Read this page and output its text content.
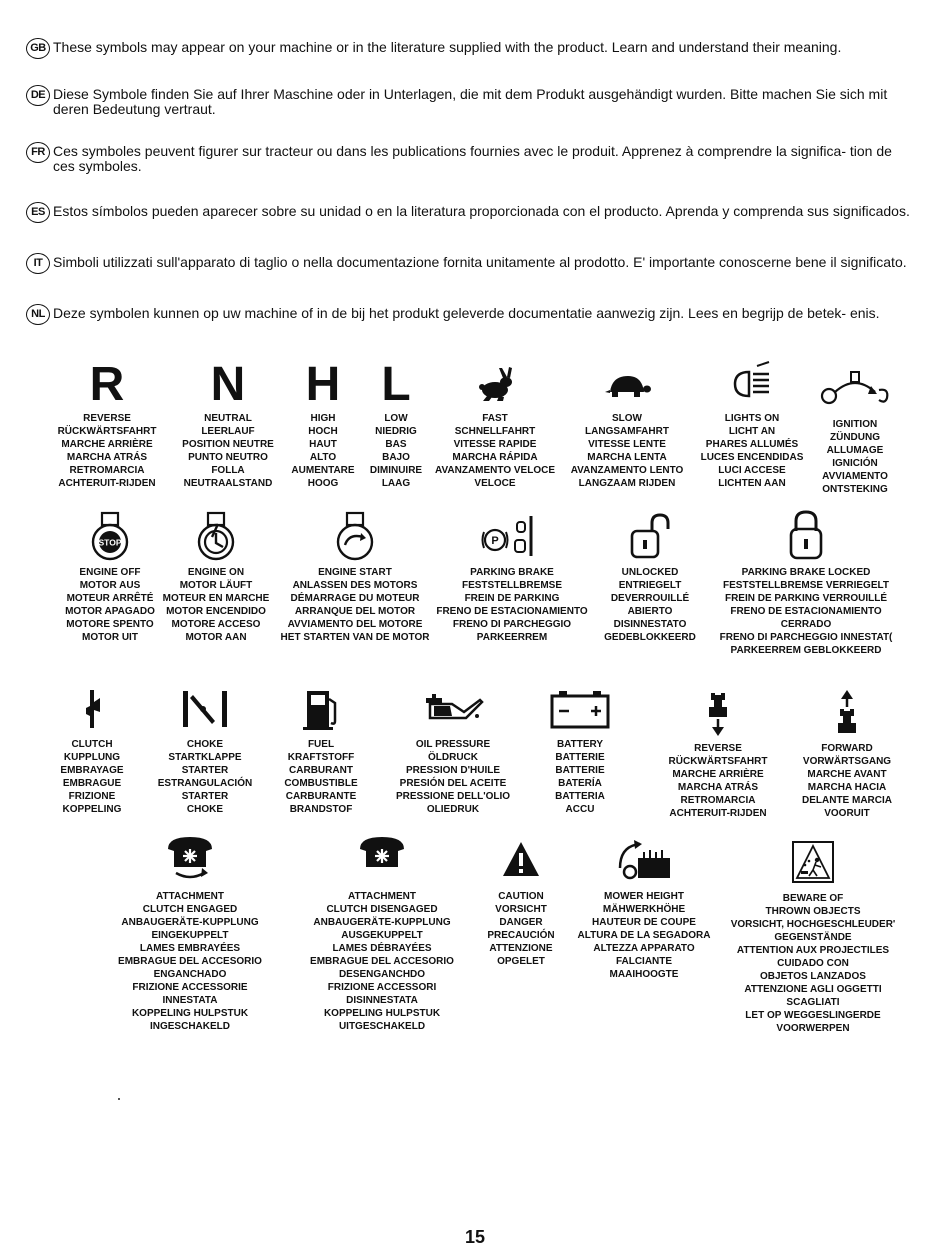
GB These symbols may appear on your machine or in the literature supplied with the product. Learn and understand their meaning.
DE Diese Symbole finden Sie auf Ihrer Maschine oder in Unterlagen, die mit dem Produkt ausgehändigt wurden. Bitte machen Sie sich mit deren Bedeutung vertraut.
FR Ces symboles peuvent figurer sur tracteur ou dans les publications fournies avec le produit. Apprenez à comprendre la significa- tion de ces symboles.
ES Estos símbolos pueden aparecer sobre su unidad o en la literatura proporcionada con el producto. Aprenda y comprenda sus significados.
IT Simboli utilizzati sull'apparato di taglio o nella documentazione fornita unitamente al prodotto. E' importante conoscerne bene il significato.
NL Deze symbolen kunnen op uw machine of in de bij het produkt geleverde documentatie aanwezig zijn. Lees en begrijp de betek- enis.
R
REVERSE
RÜCKWÄRTSFAHRT
MARCHE ARRIÈRE
MARCHA ATRÁS
RETROMARCIA
ACHTERUIT-RIJDEN
N
NEUTRAL
LEERLAUF
POSITION NEUTRE
PUNTO NEUTRO
FOLLA
NEUTRAALSTAND
H
HIGH
HOCH
HAUT
ALTO
AUMENTARE
HOOG
L
LOW
NIEDRIG
BAS
BAJO
DIMINUIRE
LAAG
FAST
SCHNELLFAHRT
VITESSE RAPIDE
MARCHA RÁPIDA
AVANZAMENTO VELOCE
VELOCE
SLOW
LANGSAMFAHRT
VITESSE LENTE
MARCHA LENTA
AVANZAMENTO LENTO
LANGZAAM RIJDEN
LIGHTS ON
LICHT AN
PHARES ALLUMÉS
LUCES ENCENDIDAS
LUCI ACCESE
LICHTEN AAN
IGNITION
ZÜNDUNG
ALLUMAGE
IGNICIÓN
AVVIAMENTO
ONTSTEKING
STOP
ENGINE OFF
MOTOR AUS
MOTEUR ARRÊTÉ
MOTOR APAGADO
MOTORE SPENTO
MOTOR UIT
ENGINE ON
MOTOR LÄUFT
MOTEUR EN MARCHE
MOTOR ENCENDIDO
MOTORE ACCESO
MOTOR AAN
ENGINE START
ANLASSEN DES MOTORS
DÉMARRAGE DU MOTEUR
ARRANQUE DEL MOTOR
AVVIAMENTO DEL MOTORE
HET STARTEN VAN DE MOTOR
P
PARKING BRAKE
FESTSTELLBREMSE
FREIN DE PARKING
FRENO DE ESTACIONAMIENTO
FRENO DI PARCHEGGIO
PARKEERREM
UNLOCKED
ENTRIEGELT
DEVERROUILLÉ
ABIERTO
DISINNESTATO
GEDEBLOKKEERD
PARKING BRAKE LOCKED
FESTSTELLBREMSE VERRIEGELT
FREIN DE PARKING VERROUILLÉ
FRENO DE ESTACIONAMIENTO
CERRADO
FRENO DI PARCHEGGIO INNESTAT(
PARKEERREM GEBLOKKEERD
CLUTCH
KUPPLUNG
EMBRAYAGE
EMBRAGUE
FRIZIONE
KOPPELING
CHOKE
STARTKLAPPE
STARTER
ESTRANGULACIÓN
STARTER
CHOKE
FUEL
KRAFTSTOFF
CARBURANT
COMBUSTIBLE
CARBURANTE
BRANDSTOF
OIL PRESSURE
ÖLDRUCK
PRESSION D'HUILE
PRESIÓN DEL ACEITE
PRESSIONE DELL'OLIO
OLIEDRUK
BATTERY
BATTERIE
BATTERIE
BATERÍA
BATTERIA
ACCU
REVERSE
RÜCKWÄRTSFAHRT
MARCHE ARRIÈRE
MARCHA ATRÁS
RETROMARCIA
ACHTERUIT-RIJDEN
FORWARD
VORWÄRTSGANG
MARCHE AVANT
MARCHA HACIA
DELANTE MARCIA
VOORUIT
ATTACHMENT
CLUTCH ENGAGED
ANBAUGERÄTE-KUPPLUNG
EINGEKUPPELT
LAMES EMBRAYÉES
EMBRAGUE DEL ACCESORIO
ENGANCHADO
FRIZIONE ACCESSORIE
INNESTATA
KOPPELING HULPSTUK
INGESCHAKELD
ATTACHMENT
CLUTCH DISENGAGED
ANBAUGERÄTE-KUPPLUNG
AUSGEKUPPELT
LAMES DÉBRAYÉES
EMBRAGUE DEL ACCESORIO
DESENGANCHDO
FRIZIONE ACCESSORI
DISINNESTATA
KOPPELING HULPSTUK
UITGESCHAKELD
CAUTION
VORSICHT
DANGER
PRECAUCIÓN
ATTENZIONE
OPGELET
MOWER HEIGHT
MÄHWERKHÖHE
HAUTEUR DE COUPE
ALTURA DE LA SEGADORA
ALTEZZA APPARATO
FALCIANTE
MAAIHOOGTE
BEWARE OF
THROWN OBJECTS
VORSICHT, HOCHGESCHLEUDER'
GEGENSTÄNDE
ATTENTION AUX PROJECTILES
CUIDADO CON
OBJETOS LANZADOS
ATTENZIONE AGLI OGGETTI
SCAGLIATI
LET OP WEGGESLINGERDE
VOORWERPEN
15
